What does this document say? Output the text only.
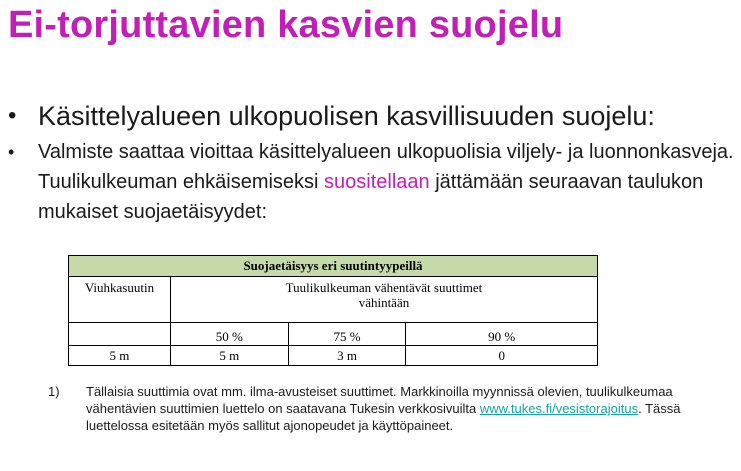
Ei-torjuttavien kasvien suojelu
• Käsittelyalueen ulkopuolisen kasvillisuuden suojelu:
•	Valmiste saattaa vioittaa käsittelyalueen ulkopuolisia viljely- ja luonnonkasveja. Tuulikulkeuman ehkäisemiseksi suositellaan jättämään seuraavan taulukon mukaiset suojaetäisyydet:
Suojaetäisyys eri suutintyypeillä			
Viuhkasuutin	Tuulikulkeuman vähentävät suuttimet
vähintään		
	50 %	75 %	90 %
5 m	5 m	3 m	0
1)	Tällaisia suuttimia ovat mm. ilma-avusteiset suuttimet. Markkinoilla myynnissä olevien, tuulikulkeumaa vähentävien suuttimien luettelo on saatavana Tukesin verkkosivuilta www.tukes.fi/vesistorajoitus. Tässä luettelossa esitetään myös sallitut ajonopeudet ja käyttöpaineet.
